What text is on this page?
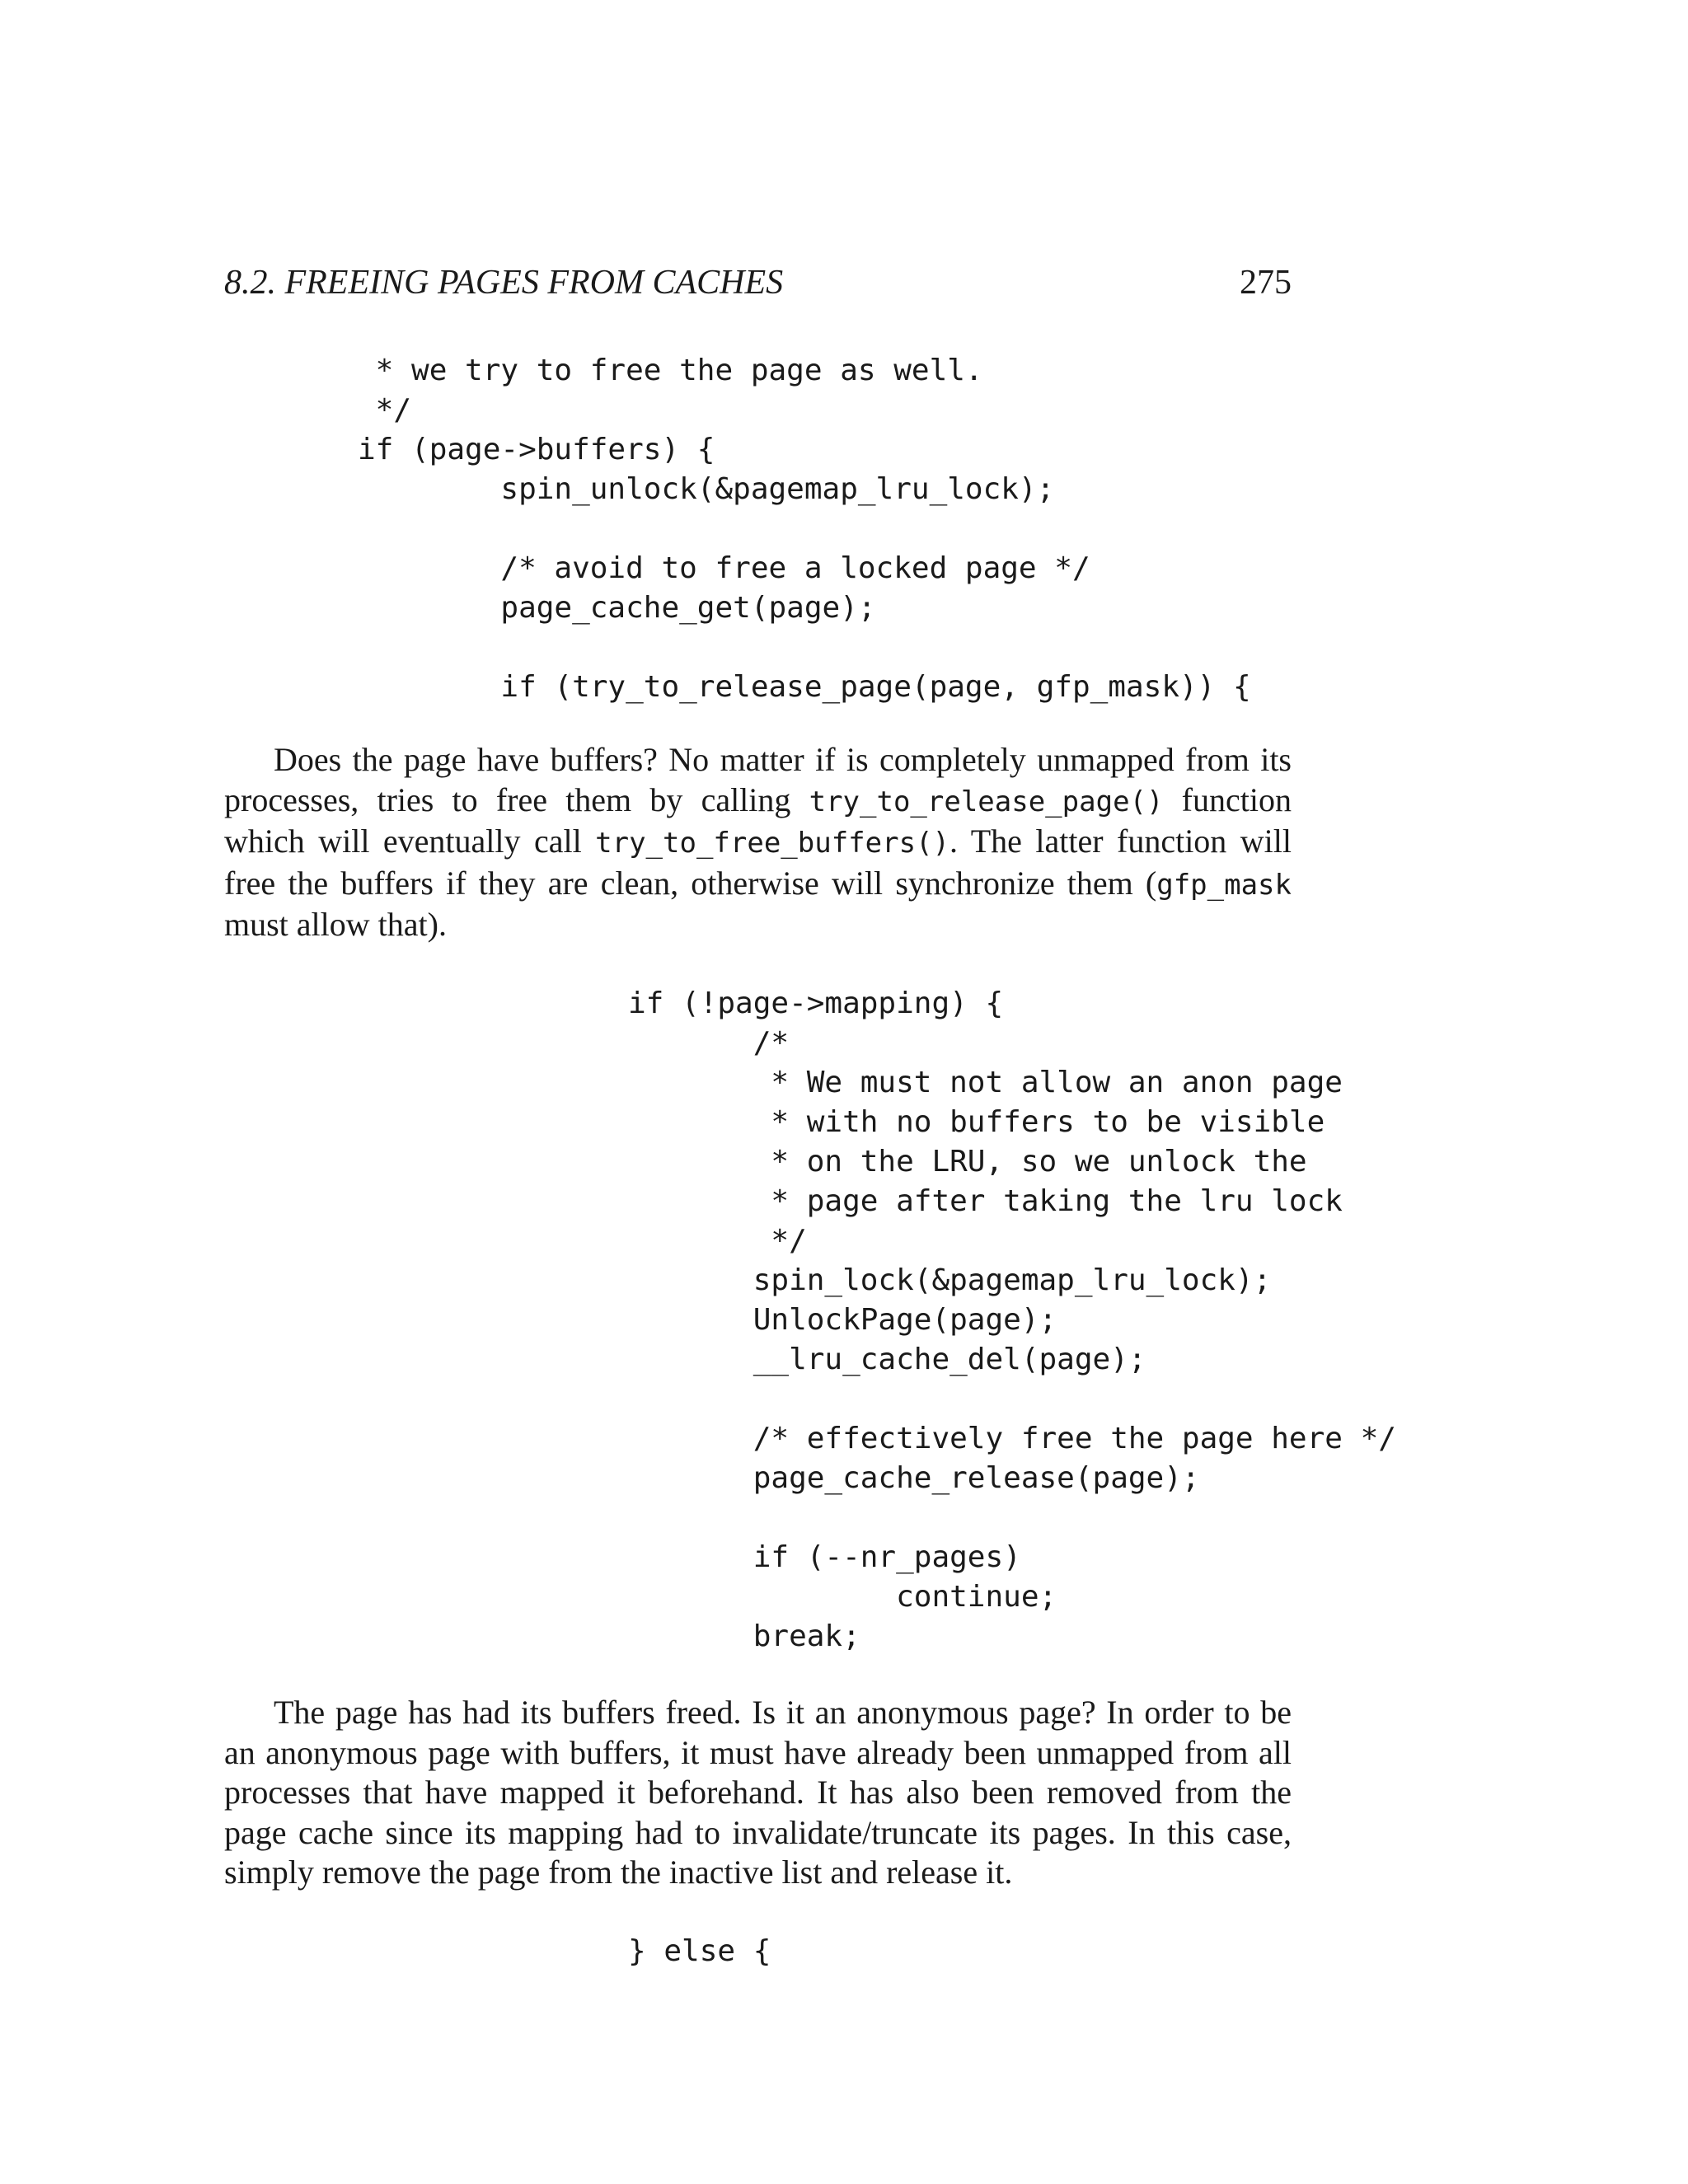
8.2. FREEING PAGES FROM CACHES	275
* we try to free the page as well.
*/
if (page->buffers) {
spin_unlock(&pagemap_lru_lock);

/* avoid to free a locked page */
page_cache_get(page);

if (try_to_release_page(page, gfp_mask)) {

Does the page have buffers? No matter if is completely unmapped from its processes, tries to free them by calling try_to_release_page() function which will eventually call try_to_free_buffers(). The latter function will free the buffers if they are clean, otherwise will synchronize them (gfp_mask must allow that).

if (!page->mapping) {
/*
* We must not allow an anon page
* with no buffers to be visible
* on the LRU, so we unlock the
* page after taking the lru lock
*/
spin_lock(&pagemap_lru_lock);
UnlockPage(page);
__lru_cache_del(page);

/* effectively free the page here */
page_cache_release(page);

if (--nr_pages)
continue;
break;

The page has had its buffers freed. Is it an anonymous page? In order to be an anonymous page with buffers, it must have already been unmapped from all processes that have mapped it beforehand. It has also been removed from the page cache since its mapping had to invalidate/truncate its pages. In this case, simply remove the page from the inactive list and release it.

} else {
